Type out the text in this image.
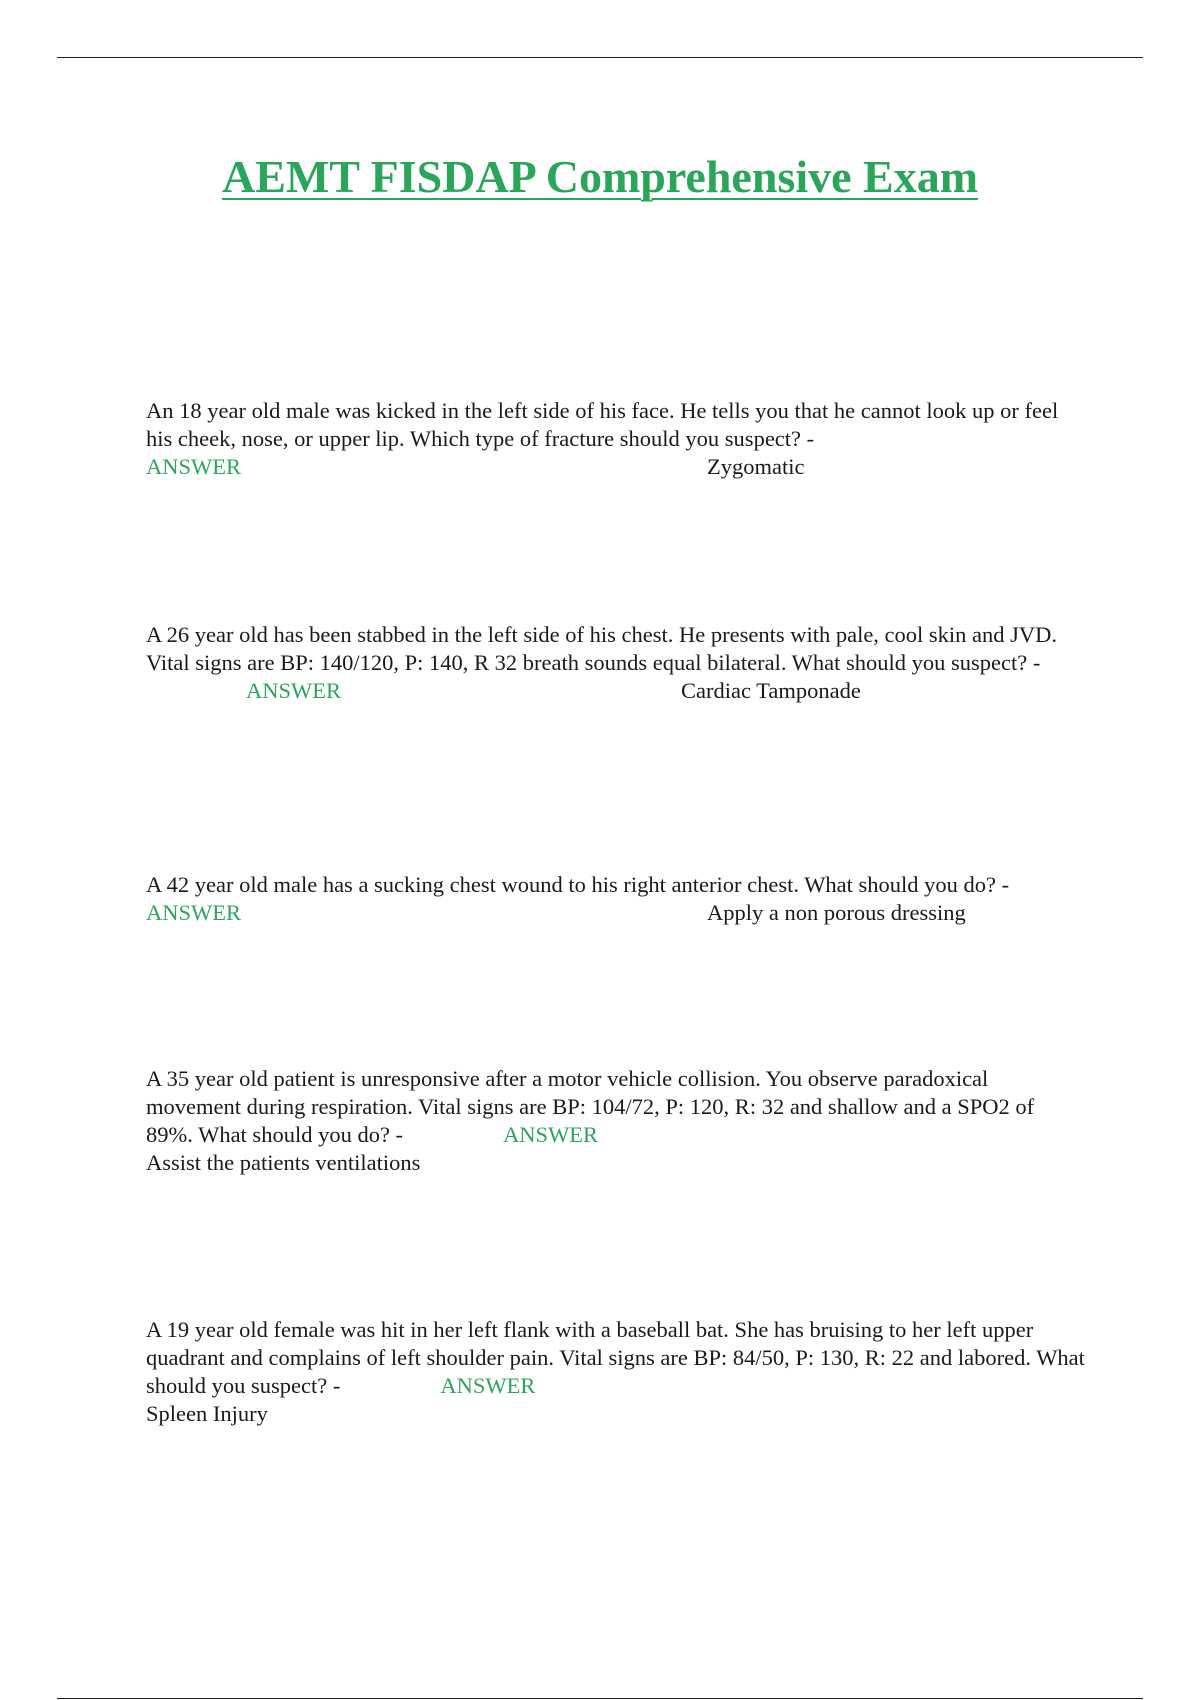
AEMT FISDAP Comprehensive Exam

An 18 year old male was kicked in the left side of his face. He tells you that he cannot look up or feel his cheek, nose, or upper lip. Which type of fracture should you suspect? -
ANSWER	Zygomatic

A 26 year old has been stabbed in the left side of his chest. He presents with pale, cool skin and JVD. Vital signs are BP: 140/120, P: 140, R 32 breath sounds equal bilateral. What should you suspect? -ANSWER	Cardiac Tamponade

A 42 year old male has a sucking chest wound to his right anterior chest. What should you do? -
ANSWER	Apply a non porous dressing

A 35 year old patient is unresponsive after a motor vehicle collision. You observe paradoxical movement during respiration. Vital signs are BP: 104/72, P: 120, R: 32 and shallow and a SPO2 of 89%. What should you do? -	ANSWER
Assist the patients ventilations

A 19 year old female was hit in her left flank with a baseball bat. She has bruising to her left upper quadrant and complains of left shoulder pain. Vital signs are BP: 84/50, P: 130, R: 22 and labored. What should you suspect? -	ANSWER
Spleen Injury
